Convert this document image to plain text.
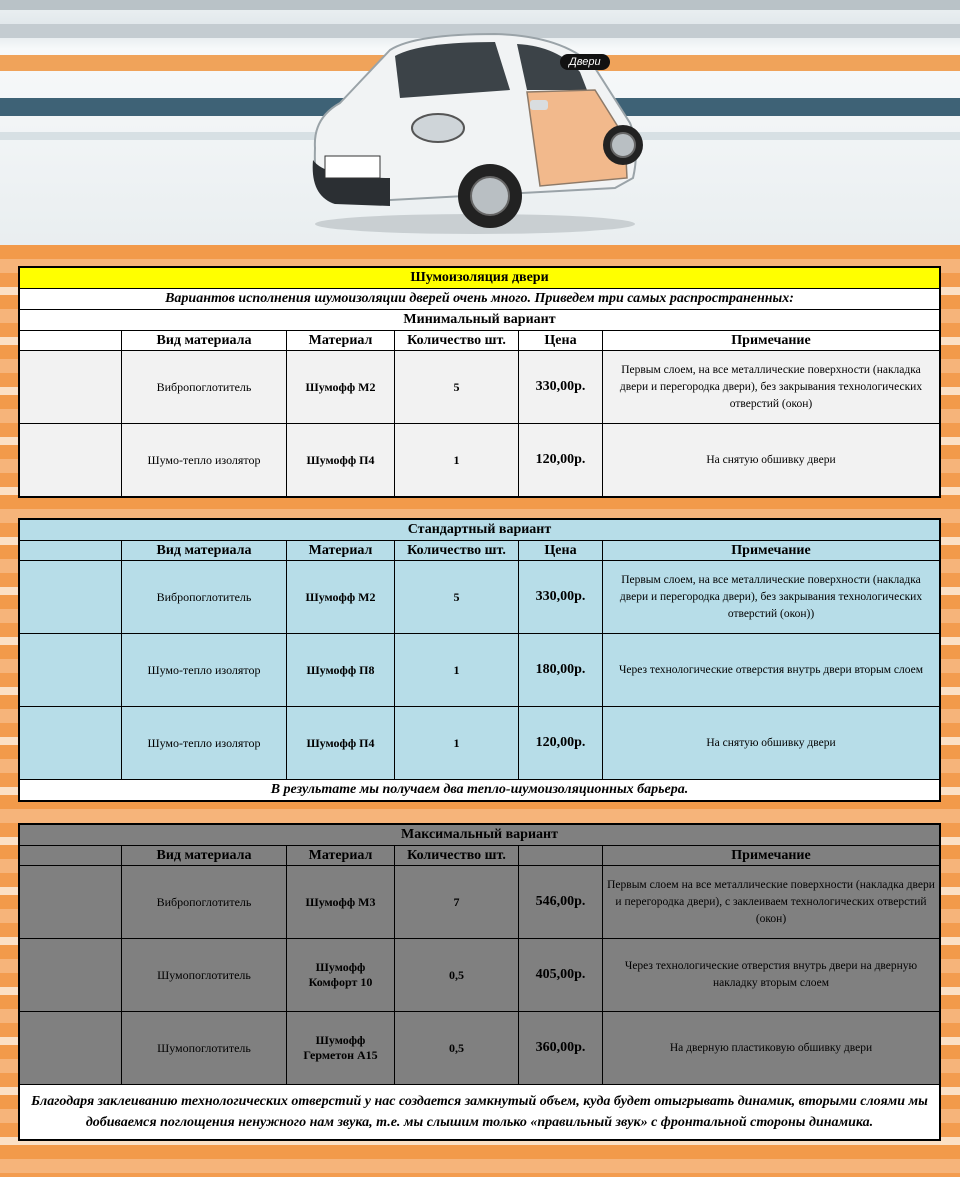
Двери
Шумоизоляция двери					
Вариантов исполнения шумоизоляции дверей очень много. Приведем три самых распространенных:					
Минимальный вариант					
	Вид материала	Материал	Количество шт.	Цена	Примечание
	Вибропоглотитель	Шумофф М2	5	330,00р.	Первым слоем, на все металлические поверхности (накладка двери и перегородка двери), без закрывания технологических отверстий (окон)
	Шумо-тепло изолятор	Шумофф П4	1	120,00р.	На снятую обшивку двери
Стандартный вариант					
	Вид материала	Материал	Количество шт.	Цена	Примечание
	Вибропоглотитель	Шумофф М2	5	330,00р.	Первым слоем, на все металлические поверхности (накладка двери и перегородка двери), без закрывания технологических отверстий (окон))
	Шумо-тепло изолятор	Шумофф П8	1	180,00р.	Через технологические отверстия внутрь двери вторым слоем
	Шумо-тепло изолятор	Шумофф П4	1	120,00р.	На снятую обшивку двери
В результате мы получаем два тепло-шумоизоляционных барьера.					
Максимальный вариант					
	Вид материала	Материал	Количество шт.		Примечание
	Вибропоглотитель	Шумофф М3	7	546,00р.	Первым слоем на все металлические поверхности (накладка двери и перегородка двери), с заклеиваем технологических отверстий (окон)
	Шумопоглотитель	Шумофф Комфорт 10	0,5	405,00р.	Через технологические отверстия внутрь двери на дверную накладку вторым слоем
	Шумопоглотитель	Шумофф Герметон А15	0,5	360,00р.	На дверную пластиковую обшивку двери
Благодаря заклеиванию технологических отверстий у нас создается замкнутый объем, куда будет отыгрывать динамик, вторыми слоями мы добиваемся поглощения ненужного нам звука, т.е. мы слышим только «правильный звук» с фронтальной стороны динамика.					
